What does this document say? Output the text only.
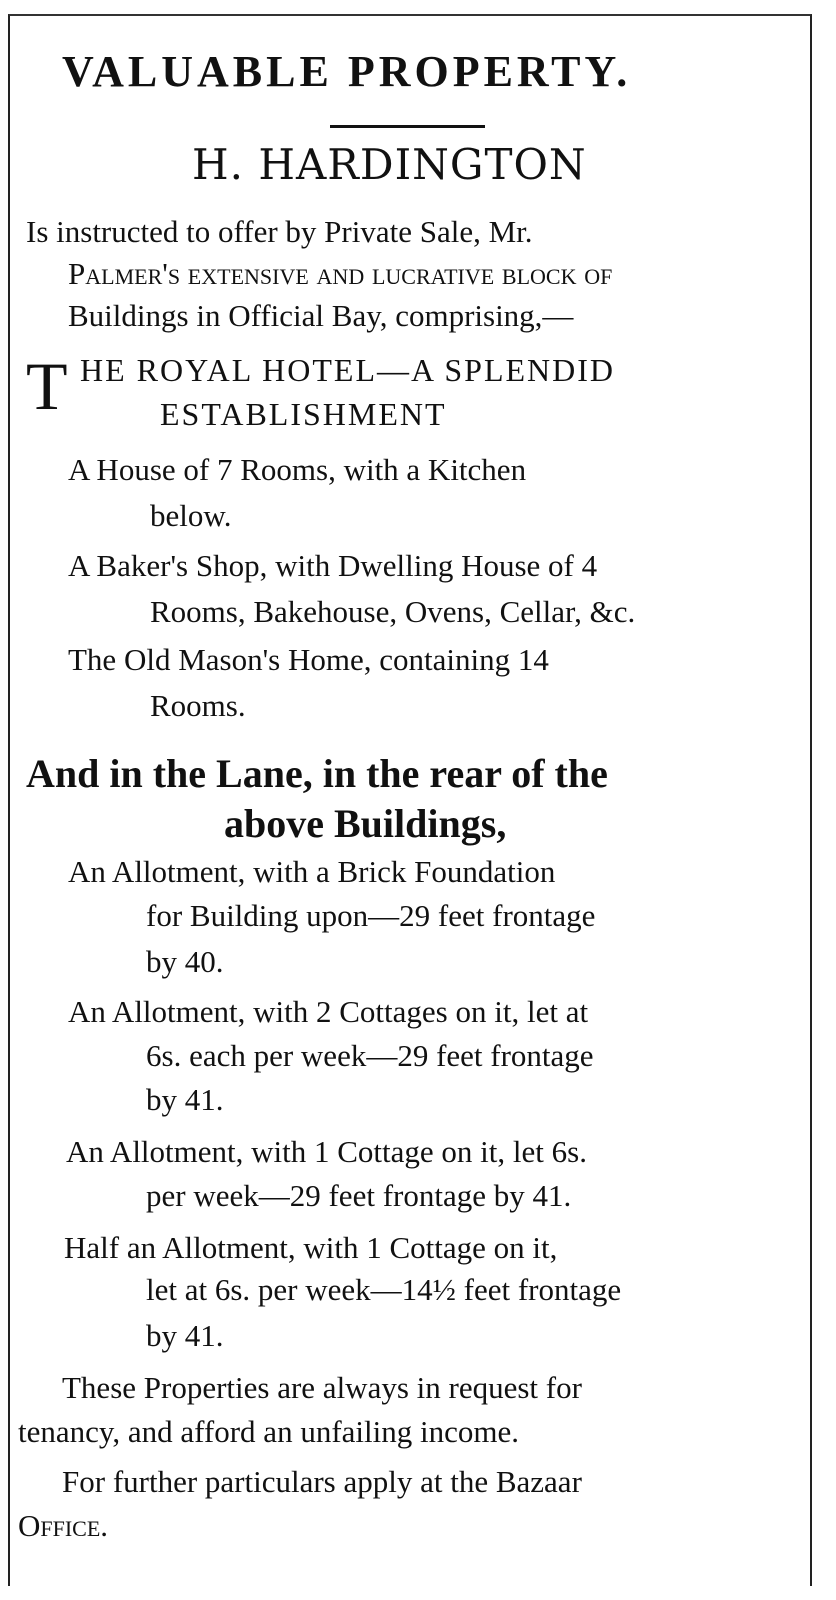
VALUABLE PROPERTY.
H. HARDINGTON
Is instructed to offer by Private Sale, Mr.
Palmer's extensive and lucrative block of
Buildings in Official Bay, comprising,—
T HE ROYAL HOTEL—A SPLENDID
ESTABLISHMENT
A House of 7 Rooms, with a Kitchen
below.
A Baker's Shop, with Dwelling House of 4
Rooms, Bakehouse, Ovens, Cellar, &c.
The Old Mason's Home, containing 14
Rooms.
And in the Lane, in the rear of the
above Buildings,
An Allotment, with a Brick Foundation
for Building upon—29 feet frontage
by 40.
An Allotment, with 2 Cottages on it, let at
6s. each per week—29 feet frontage
by 41.
An Allotment, with 1 Cottage on it, let 6s.
per week—29 feet frontage by 41.
Half an Allotment, with 1 Cottage on it,
let at 6s. per week—14½ feet frontage
by 41.
These Properties are always in request for
tenancy, and afford an unfailing income.
For further particulars apply at the Bazaar
Office.
